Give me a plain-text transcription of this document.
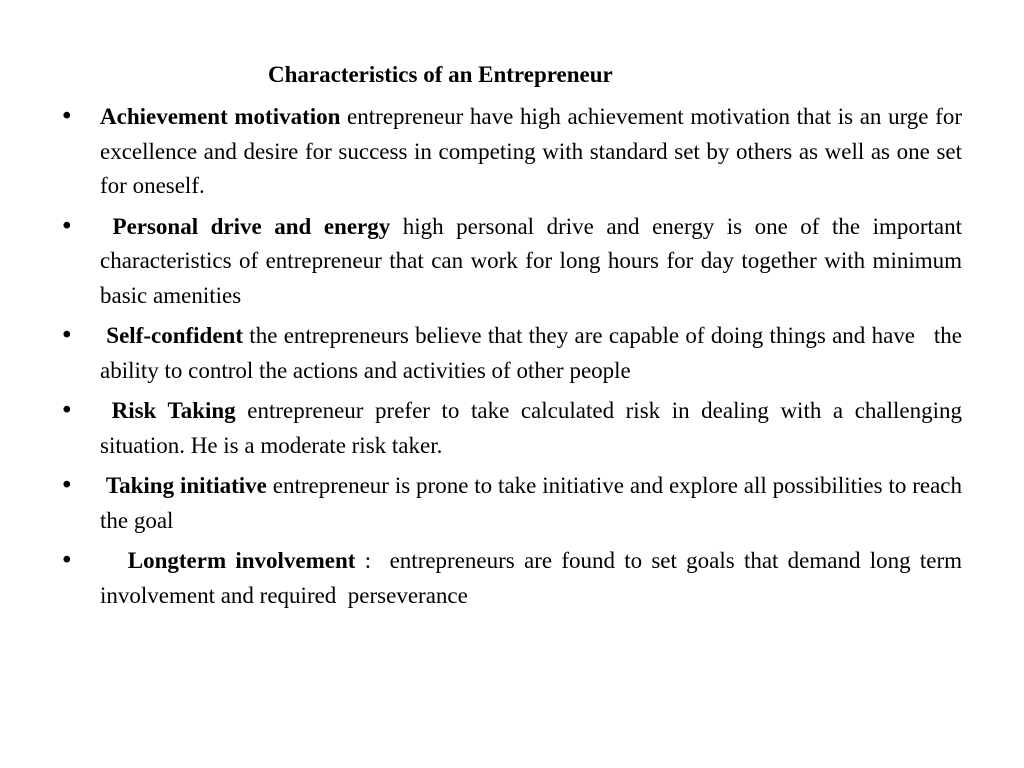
Characteristics of an Entrepreneur
• Achievement motivation entrepreneur have high achievement motivation that is an urge for excellence and desire for success in competing with standard set by others as well as one set for oneself.
• Personal drive and energy high personal drive and energy is one of the important characteristics of entrepreneur that can work for long hours for day together with minimum basic amenities
• Self-confident the entrepreneurs believe that they are capable of doing things and have   the ability to control the actions and activities of other people
• Risk Taking entrepreneur prefer to take calculated risk in dealing with a challenging situation. He is a moderate risk taker.
• Taking initiative entrepreneur is prone to take initiative and explore all possibilities to reach the goal
• Longterm involvement :  entrepreneurs are found to set goals that demand long term involvement and required  perseverance
